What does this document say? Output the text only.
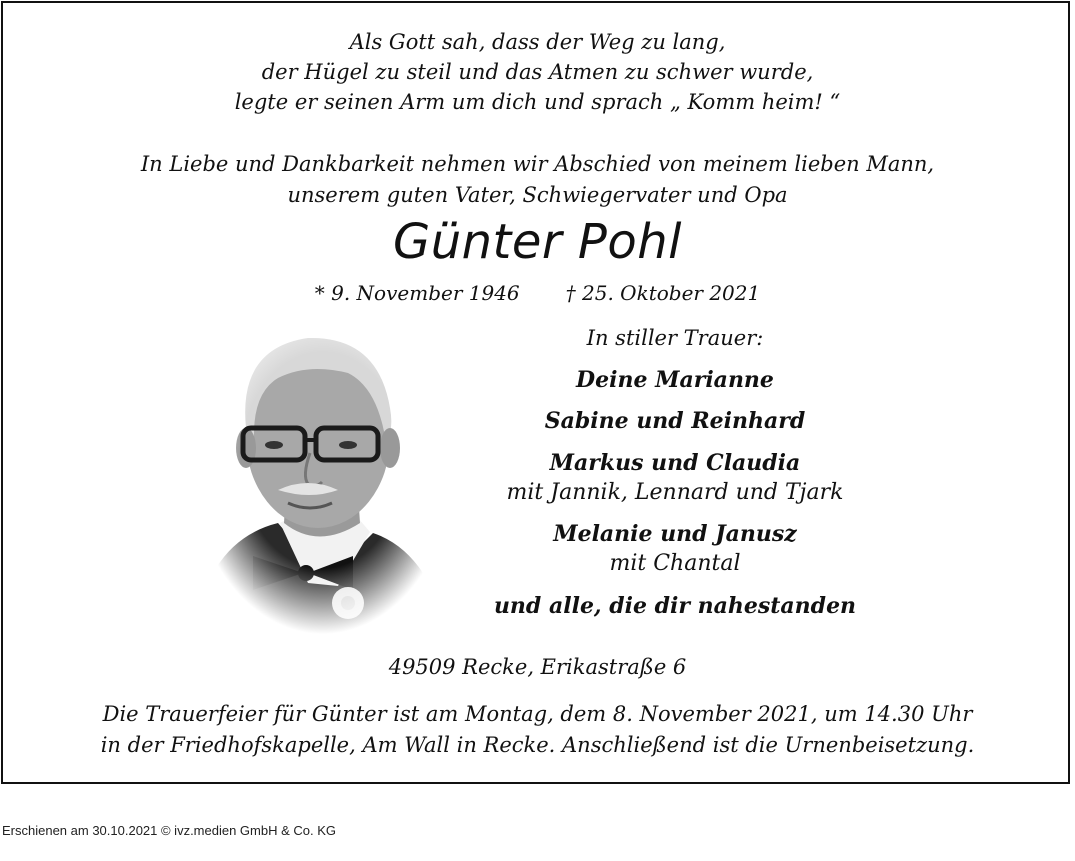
Als Gott sah, dass der Weg zu lang,
der Hügel zu steil und das Atmen zu schwer wurde,
legte er seinen Arm um dich und sprach „ Komm heim! “
In Liebe und Dankbarkeit nehmen wir Abschied von meinem lieben Mann,
unserem guten Vater, Schwiegervater und Opa
Günter Pohl
* 9. November 1946 † 25. Oktober 2021
In stiller Trauer:
Deine Marianne
Sabine und Reinhard
Markus und Claudia
mit Jannik, Lennard und Tjark
Melanie und Janusz
mit Chantal
und alle, die dir nahestanden
49509 Recke, Erikastraße 6
Die Trauerfeier für Günter ist am Montag, dem 8. November 2021, um 14.30 Uhr
in der Friedhofskapelle, Am Wall in Recke. Anschließend ist die Urnenbeisetzung.
Erschienen am 30.10.2021 © ivz.medien GmbH & Co. KG
